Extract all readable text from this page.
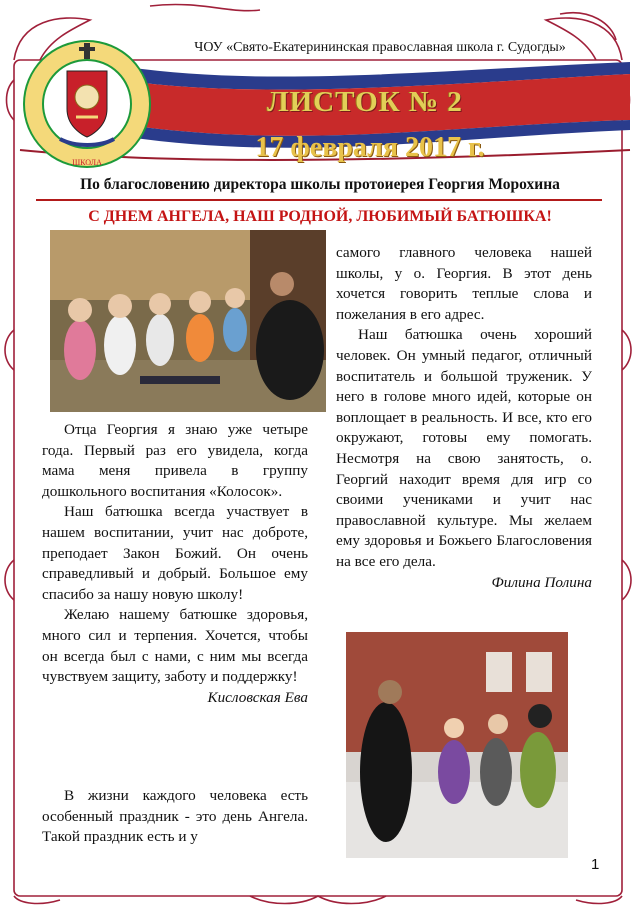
ШКОЛА
ЧОУ «Свято-Екатерининская православная школа г. Судогды»
ЛИСТОК № 2
17 февраля 2017 г.
По благословению директора школы протоиерея Георгия Морохина
С ДНЕМ АНГЕЛА, НАШ РОДНОЙ, ЛЮБИМЫЙ БАТЮШКА!

Отца Георгия я знаю уже четыре года. Первый раз его увидела, когда мама меня привела в группу дошкольного воспитания «Колосок».

Наш батюшка всегда участвует в нашем воспитании, учит нас доброте, преподает Закон Божий. Он очень справедливый и добрый. Большое ему спасибо за нашу новую школу!

Желаю нашему батюшке здоровья, много сил и терпения. Хочется, чтобы он всегда был с нами, с ним мы всегда чувствуем защиту, заботу и поддержку!

Кисловская Ева

В жизни каждого человека есть особенный праздник - это день Ангела. Такой праздник есть и у

самого главного человека нашей школы, у о. Георгия. В этот день хочется говорить теплые слова и пожелания в его адрес.

Наш батюшка очень хороший человек. Он умный педагог, отличный воспитатель и большой труженик. У него в голове много идей, которые он воплощает в реальность. И все, кто его окружают, готовы ему помогать. Несмотря на свою занятость, о. Георгий находит время для игр со своими учениками и учит нас православной культуре. Мы желаем ему здоровья и Божьего Благословения на все его дела.

Филина Полина

1
